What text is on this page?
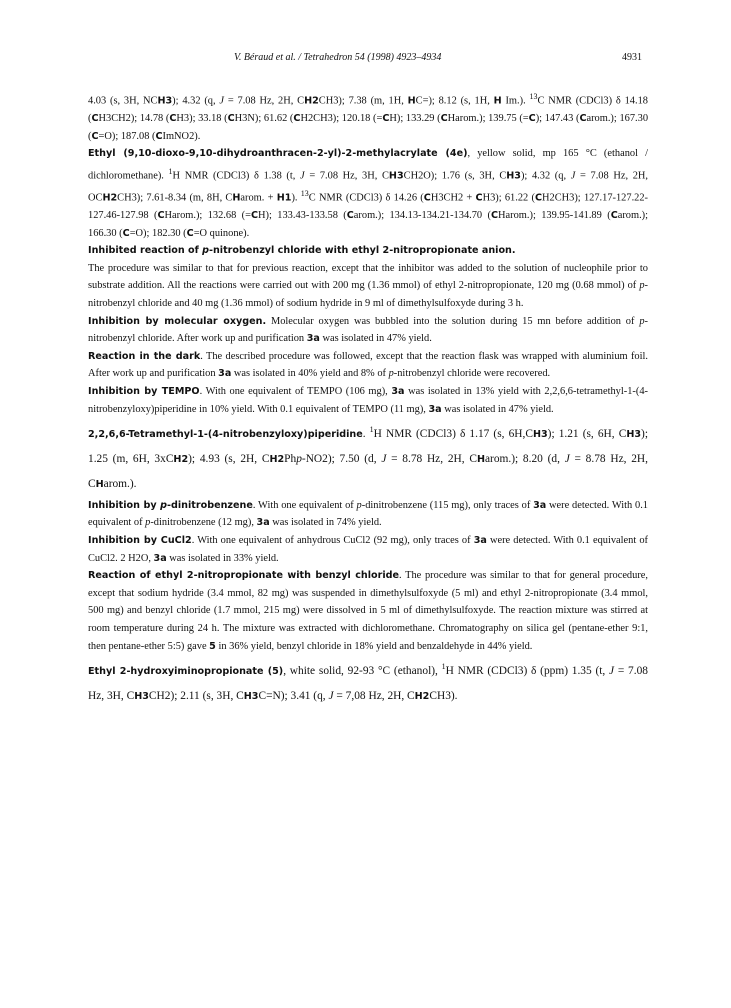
V. Béraud et al. / Tetrahedron 54 (1998) 4923–4934	4931

4.03 (s, 3H, NCH3); 4.32 (q, J = 7.08 Hz, 2H, CH2CH3); 7.38 (m, 1H, HC=); 8.12 (s, 1H, H Im.). $^{13}$C NMR (CDCl3) δ 14.18 (CH3CH2); 14.78 (CH3); 33.18 (CH3N); 61.62 (CH2CH3); 120.18 (=CH); 133.29 (CHarom.); 139.75 (=C); 147.43 (Carom.); 167.30 (C=O); 187.08 (CImNO2).

Ethyl (9,10-dioxo-9,10-dihydroanthracen-2-yl)-2-methylacrylate (4e), yellow solid, mp 165 °C (ethanol / dichloromethane). $^1$H NMR (CDCl3) δ 1.38 (t, J = 7.08 Hz, 3H, CH3CH2O); 1.76 (s, 3H, CH3); 4.32 (q, J = 7.08 Hz, 2H, OCH2CH3); 7.61-8.34 (m, 8H, CHarom. + H1). $^{13}$C NMR (CDCl3) δ 14.26 (CH3CH2 + CH3); 61.22 (CH2CH3); 127.17-127.22-127.46-127.98 (CHarom.); 132.68 (=CH); 133.43-133.58 (Carom.); 134.13-134.21-134.70 (CHarom.); 139.95-141.89 (Carom.); 166.30 (C=O); 182.30 (C=O quinone).

Inhibited reaction of p-nitrobenzyl chloride with ethyl 2-nitropropionate anion.

The procedure was similar to that for previous reaction, except that the inhibitor was added to the solution of nucleophile prior to substrate addition. All the reactions were carried out with 200 mg (1.36 mmol) of ethyl 2-nitropropionate, 120 mg (0.68 mmol) of p-nitrobenzyl chloride and 40 mg (1.36 mmol) of sodium hydride in 9 ml of dimethylsulfoxyde during 3 h.

Inhibition by molecular oxygen. Molecular oxygen was bubbled into the solution during 15 mn before addition of p-nitrobenzyl chloride. After work up and purification 3a was isolated in 47% yield.

Reaction in the dark. The described procedure was followed, except that the reaction flask was wrapped with aluminium foil. After work up and purification 3a was isolated in 40% yield and 8% of p-nitrobenzyl chloride were recovered.

Inhibition by TEMPO. With one equivalent of TEMPO (106 mg), 3a was isolated in 13% yield with 2,2,6,6-tetramethyl-1-(4-nitrobenzyloxy)piperidine in 10% yield. With 0.1 equivalent of TEMPO (11 mg), 3a was isolated in 47% yield.

2,2,6,6-Tetramethyl-1-(4-nitrobenzyloxy)piperidine. $^1$H NMR (CDCl3) δ 1.17 (s, 6H,CH3); 1.21 (s, 6H, CH3); 1.25 (m, 6H, 3xCH2); 4.93 (s, 2H, CH2Php-NO2); 7.50 (d, J = 8.78 Hz, 2H, CHarom.); 8.20 (d, J = 8.78 Hz, 2H, CHarom.).

Inhibition by p-dinitrobenzene. With one equivalent of p-dinitrobenzene (115 mg), only traces of 3a were detected. With 0.1 equivalent of p-dinitrobenzene (12 mg), 3a was isolated in 74% yield.

Inhibition by CuCl2. With one equivalent of anhydrous CuCl2 (92 mg), only traces of 3a were detected. With 0.1 equivalent of CuCl2. 2 H2O, 3a was isolated in 33% yield.

Reaction of ethyl 2-nitropropionate with benzyl chloride. The procedure was similar to that for general procedure, except that sodium hydride (3.4 mmol, 82 mg) was suspended in dimethylsulfoxyde (5 ml) and ethyl 2-nitropropionate (3.4 mmol, 500 mg) and benzyl chloride (1.7 mmol, 215 mg) were dissolved in 5 ml of dimethylsulfoxyde. The reaction mixture was stirred at room temperature during 24 h. The mixture was extracted with dichloromethane. Chromatography on silica gel (pentane-ether 9:1, then pentane-ether 5:5) gave 5 in 36% yield, benzyl chloride in 18% yield and benzaldehyde in 44% yield.

Ethyl 2-hydroxyiminopropionate (5), white solid, 92-93 °C (ethanol), $^1$H NMR (CDCl3) δ (ppm) 1.35 (t, J = 7.08 Hz, 3H, CH3CH2); 2.11 (s, 3H, CH3C=N); 3.41 (q, J = 7,08 Hz, 2H, CH2CH3).
